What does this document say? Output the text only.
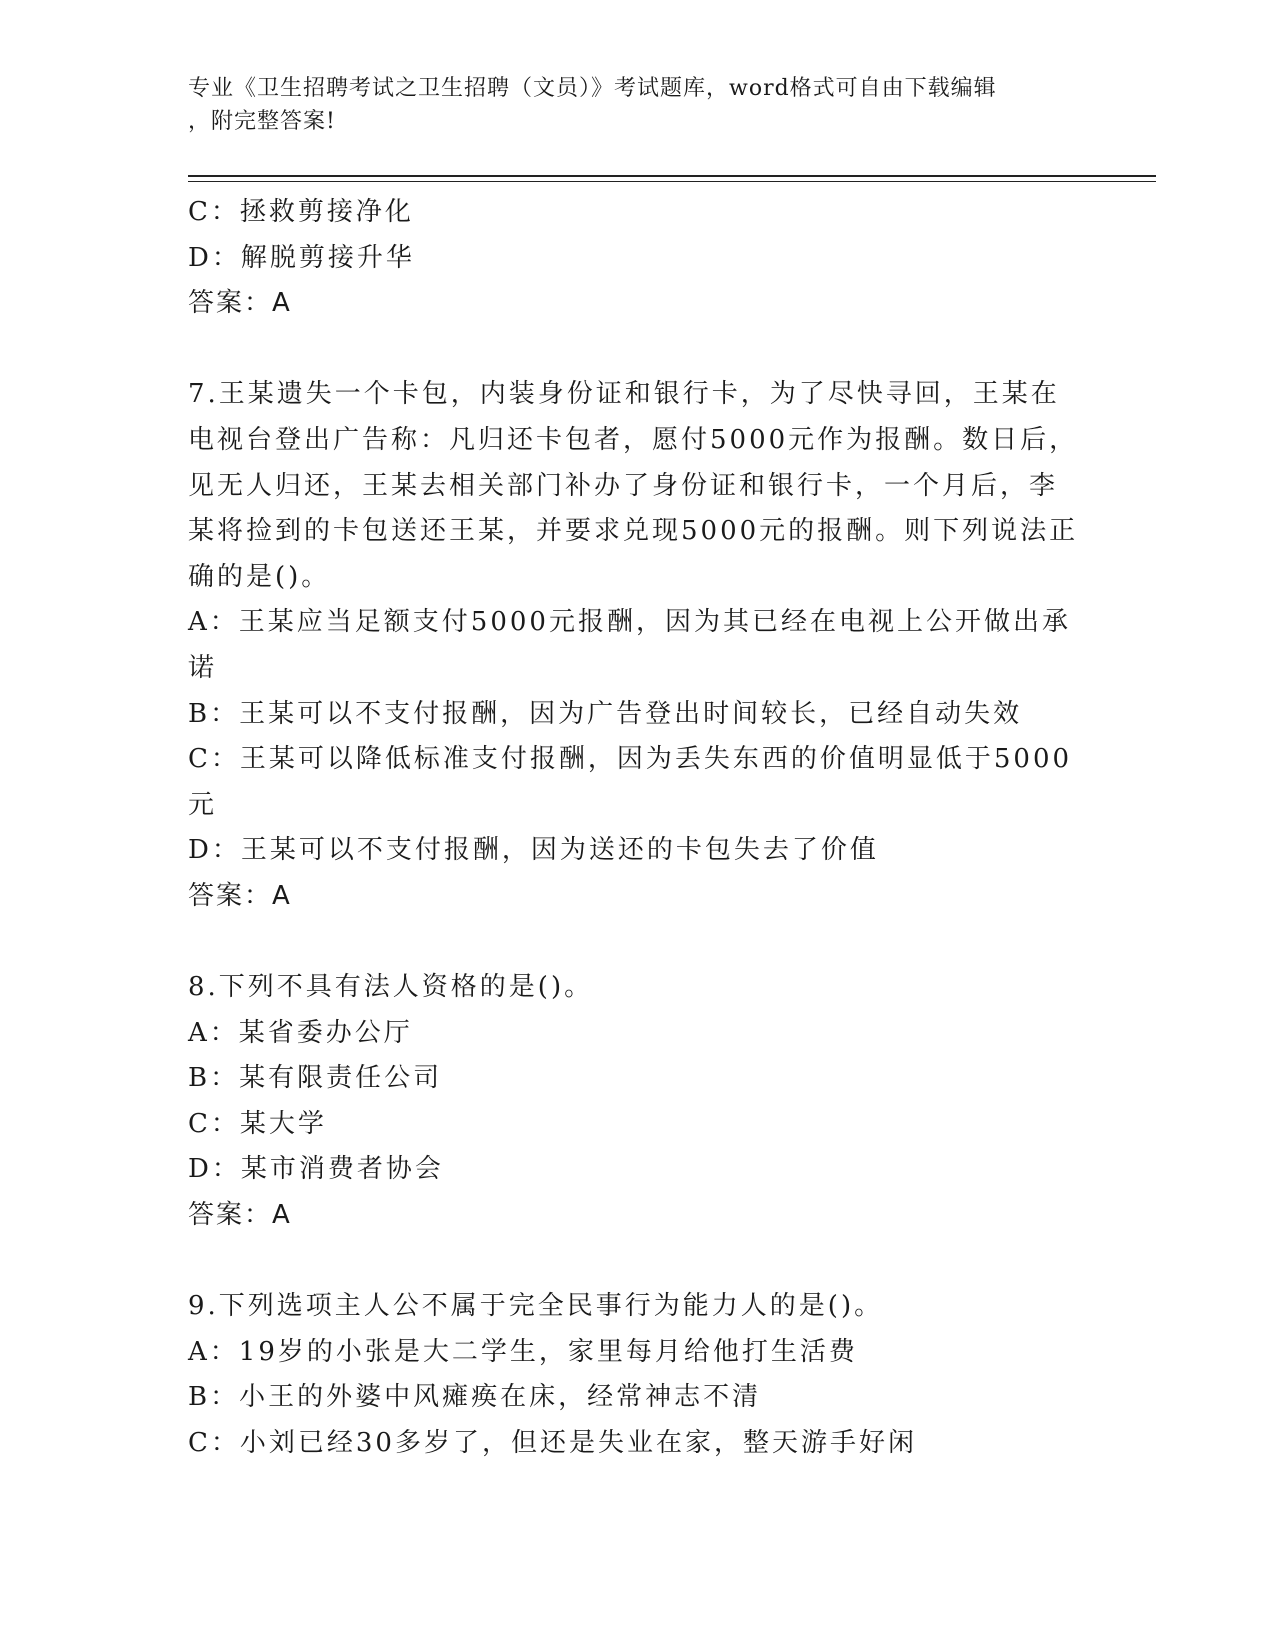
专业《卫生招聘考试之卫生招聘（文员）》考试题库，word格式可自由下载编辑
，附完整答案!
C：拯救剪接净化
D：解脱剪接升华
答案：A
7.王某遗失一个卡包，内装身份证和银行卡，为了尽快寻回，王某在
电视台登出广告称：凡归还卡包者，愿付5000元作为报酬。数日后，
见无人归还，王某去相关部门补办了身份证和银行卡，一个月后，李
某将捡到的卡包送还王某，并要求兑现5000元的报酬。则下列说法正
确的是()。
A：王某应当足额支付5000元报酬，因为其已经在电视上公开做出承
诺
B：王某可以不支付报酬，因为广告登出时间较长，已经自动失效
C：王某可以降低标准支付报酬，因为丢失东西的价值明显低于5000
元
D：王某可以不支付报酬，因为送还的卡包失去了价值
答案：A
8.下列不具有法人资格的是()。
A：某省委办公厅
B：某有限责任公司
C：某大学
D：某市消费者协会
答案：A
9.下列选项主人公不属于完全民事行为能力人的是()。
A：19岁的小张是大二学生，家里每月给他打生活费
B：小王的外婆中风瘫痪在床，经常神志不清
C：小刘已经30多岁了，但还是失业在家，整天游手好闲
